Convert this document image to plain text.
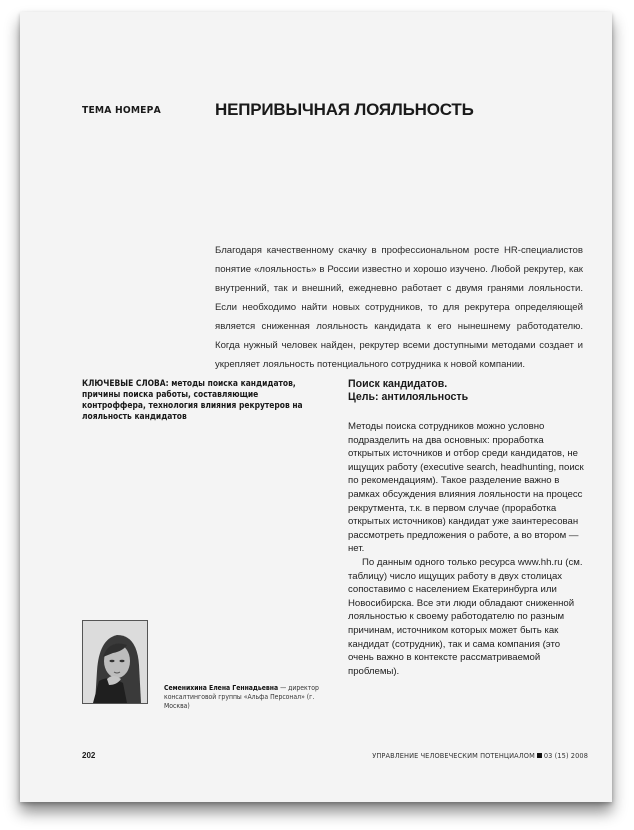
ТЕМА НОМЕРА	НЕПРИВЫЧНАЯ ЛОЯЛЬНОСТЬ

Благодаря качественному скачку в профессиональном росте HR-специалистов понятие «лояльность» в России известно и хорошо изучено. Любой рекрутер, как внутренний, так и внешний, ежедневно работает с двумя гранями лояльности. Если необходимо найти новых сотрудников, то для рекрутера определяющей является сниженная лояльность кандидата к его нынешнему работодателю. Когда нужный человек найден, рекрутер всеми доступными методами создает и укрепляет лояльность потенциального сотрудника к новой компании.

КЛЮЧЕВЫЕ СЛОВА: методы поиска кандидатов, причины поиска работы, составляющие контроффера, технология влияния рекрутеров на лояльность кандидатов

Поиск кандидатов.
Цель: антилояльность

Методы поиска сотрудников можно условно подразделить на два основных: проработка открытых источников и отбор среди кандидатов, не ищущих работу (executive search, headhunting, поиск по рекомендациям). Такое разделение важно в рамках обсуждения влияния лояльности на процесс рекрутмента, т.к. в первом случае (проработка открытых источников) кандидат уже заинтересован рассмотреть предложения о работе, а во втором — нет.

По данным одного только ресурса www.hh.ru (см. таблицу) число ищущих работу в двух столицах сопоставимо с населением Екатеринбурга или Новосибирска. Все эти люди обладают сниженной лояльностью к своему работодателю по разным причинам, источником которых может быть как кандидат (сотрудник), так и сама компания (это очень важно в контексте рассматриваемой проблемы).

Семенихина Елена Геннадьевна — директор консалтинговой группы «Альфа Персонал» (г. Москва)
202	УПРАВЛЕНИЕ ЧЕЛОВЕЧЕСКИМ ПОТЕНЦИАЛОМ 03 (15) 2008
